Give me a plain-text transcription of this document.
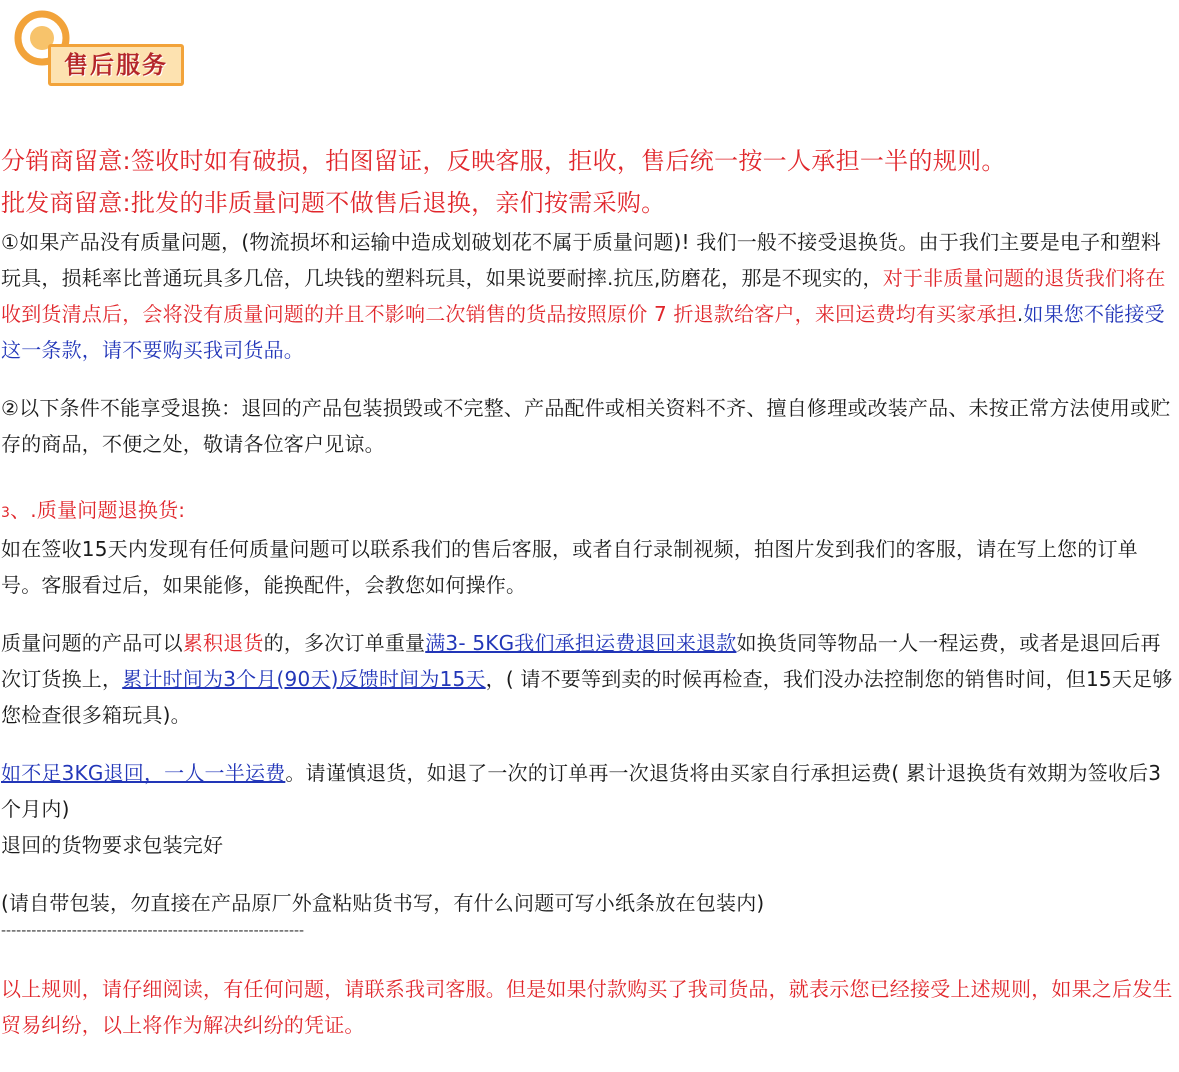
售后服务
分销商留意:签收时如有破损，拍图留证，反映客服，拒收，售后统一按一人承担一半的规则。
批发商留意:批发的非质量问题不做售后退换，亲们按需采购。
①如果产品没有质量问题，(物流损坏和运输中造成划破划花不属于质量问题)! 我们一般不接受退换货。由于我们主要是电子和塑料玩具，损耗率比普通玩具多几倍，几块钱的塑料玩具，如果说要耐摔.抗压,防磨花，那是不现实的，对于非质量问题的退货我们将在收到货清点后，会将没有质量问题的并且不影响二次销售的货品按照原价 7 折退款给客户，来回运费均有买家承担.如果您不能接受这一条款，请不要购买我司货品。
②以下条件不能享受退换：退回的产品包装损毁或不完整、产品配件或相关资料不齐、擅自修理或改装产品、未按正常方法使用或贮存的商品，不便之处，敬请各位客户见谅。
3、.质量问题退换货:
如在签收15天内发现有任何质量问题可以联系我们的售后客服，或者自行录制视频，拍图片发到我们的客服，请在写上您的订单号。客服看过后，如果能修，能换配件，会教您如何操作。
质量问题的产品可以累积退货的，多次订单重量满3- 5KG我们承担运费退回来退款如换货同等物品一人一程运费，或者是退回后再次订货换上，累计时间为3个月(90天)反馈时间为15天，( 请不要等到卖的时候再检查，我们没办法控制您的销售时间，但15天足够您检查很多箱玩具)。
如不足3KG退回，一人一半运费。请谨慎退货，如退了一次的订单再一次退货将由买家自行承担运费( 累计退换货有效期为签收后3个月内)
退回的货物要求包装完好
(请自带包装，勿直接在产品原厂外盒粘贴货书写，有什么问题可写小纸条放在包装内)
------------------------------------------------------------
以上规则，请仔细阅读，有任何问题，请联系我司客服。但是如果付款购买了我司货品，就表示您已经接受上述规则，如果之后发生贸易纠纷，以上将作为解决纠纷的凭证。
